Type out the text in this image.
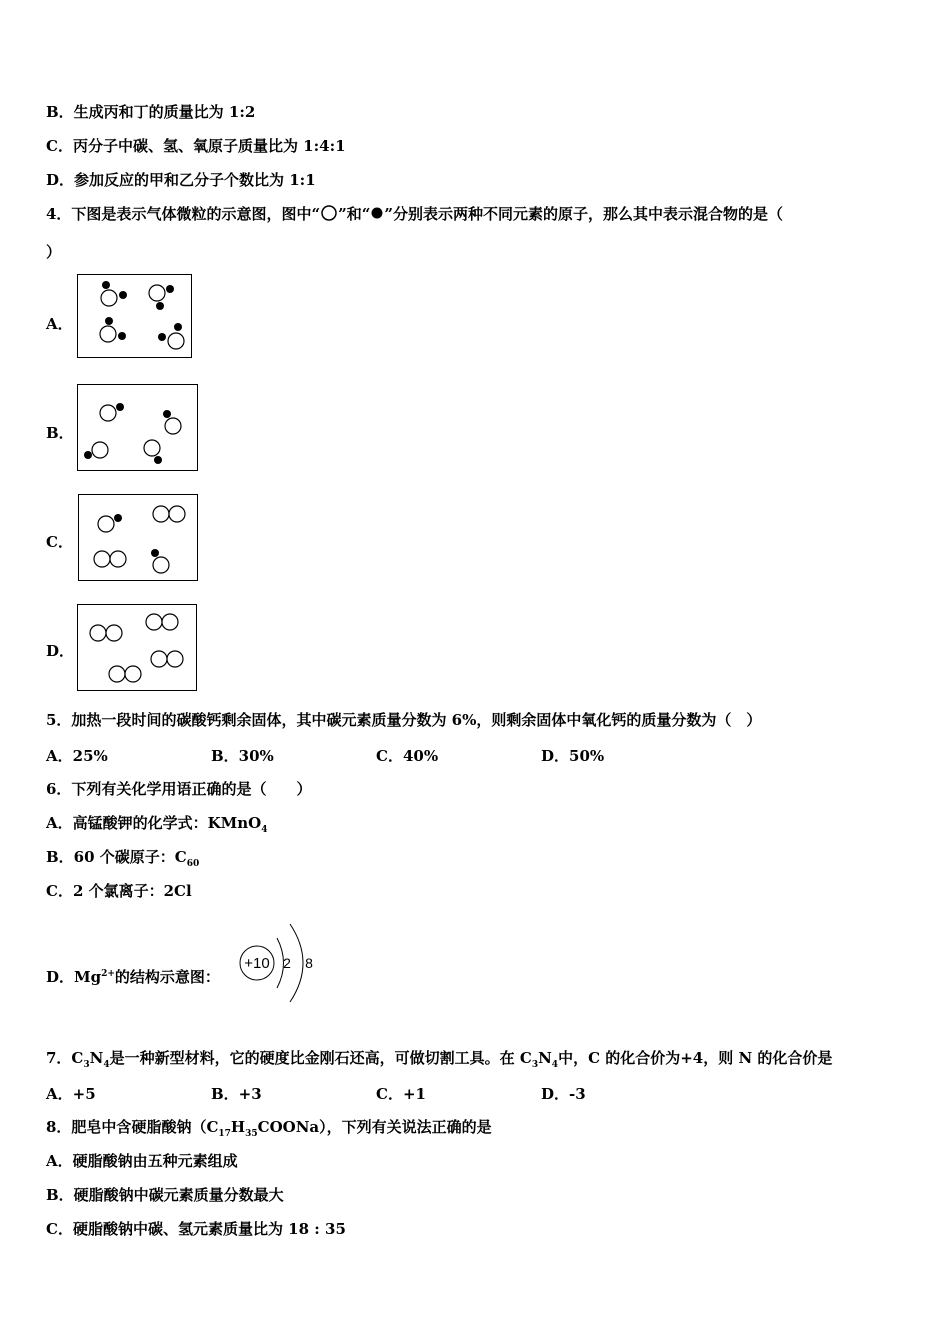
B．生成丙和丁的质量比为 1:2
C．丙分子中碳、氢、氧原子质量比为 1:4:1
D．参加反应的甲和乙分子个数比为 1:1
4．下图是表示气体微粒的示意图，图中“ ”和“ ”分别表示两种不同元素的原子，那么其中表示混合物的是（
）
A．
B．
C．
D．
5．加热一段时间的碳酸钙剩余固体，其中碳元素质量分数为 6%，则剩余固体中氧化钙的质量分数为（　）
A．25%	B．30%	C．40%	D．50%
6．下列有关化学用语正确的是（　　）
A．高锰酸钾的化学式：KMnO$_4$
B．60 个碳原子：$C_{60}$
C．2 个氯离子：2Cl
D．$Mg^{2+}$的结构示意图：
+10 2 8
7．$C_3N_4$是一种新型材料，它的硬度比金刚石还高，可做切割工具。在 $C_3N_4$中，C 的化合价为+4，则 N 的化合价是
A．+5	B．+3	C．+1	D．-3
8．肥皂中含硬脂酸钠$(C_{17}H_{35}COONa)$，下列有关说法正确的是
A．硬脂酸钠由五种元素组成
B．硬脂酸钠中碳元素质量分数最大
C．硬脂酸钠中碳、氢元素质量比为 18 : 35
